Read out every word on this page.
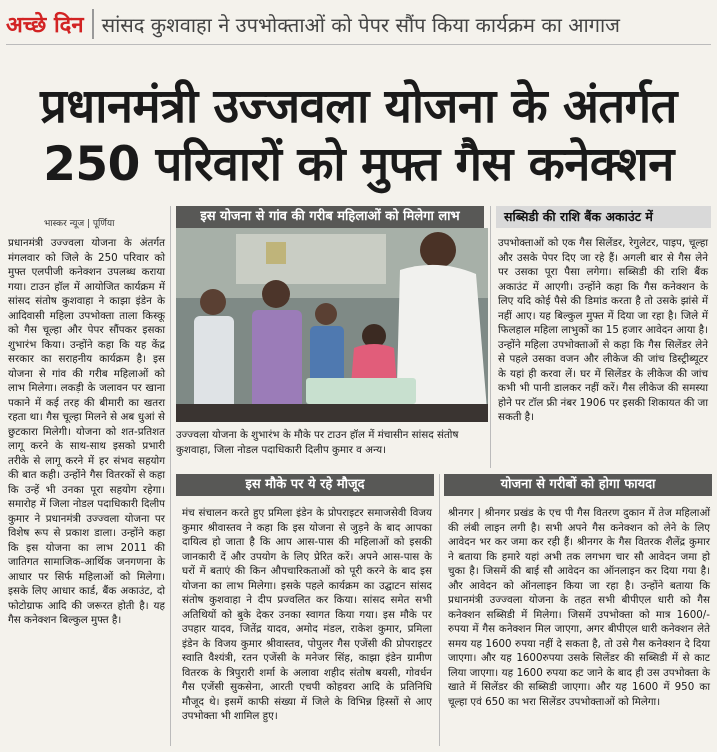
अच्छे दिन सांसद कुशवाहा ने उपभोक्ताओं को पेपर सौंप किया कार्यक्रम का आगाज
प्रधानमंत्री उज्जवला योजना के अंतर्गत
250 परिवारों को मुफ्त गैस कनेक्शन
भास्कर न्यूज | पूर्णिया

प्रधानमंत्री उज्ज्वला योजना के अंतर्गत मंगलवार को जिले के 250 परिवार को मुफ्त एलपीजी कनेक्शन उपलब्ध कराया गया। टाउन हॉल में आयोजित कार्यक्रम में सांसद संतोष कुशवाहा ने काझा इंडेन के आदिवासी महिला उपभोक्ता ताला किस्कू को गैस चूल्हा और पेपर सौंपकर इसका शुभारंभ किया। उन्होंने कहा कि यह केंद्र सरकार का सराहनीय कार्यक्रम है। इस योजना से गांव की गरीब महिलाओं को लाभ मिलेगा। लकड़ी के जलावन पर खाना पकाने में कई तरह की बीमारी का खतरा रहता था। गैस चूल्हा मिलने से अब धुआं से छुटकारा मिलेगी। योजना को शत-प्रतिशत लागू करने के साथ-साथ इसको प्रभारी तरीके से लागू करने में हर संभव सहयोग की बात कही। उन्होंने गैस वितरकों से कहा कि उन्हें भी उनका पूरा सहयोग रहेगा। समारोह में जिला नोडल पदाधिकारी दिलीप कुमार ने प्रधानमंत्री उज्ज्वला योजना पर विशेष रूप से प्रकाश डाला। उन्होंने कहा कि इस योजना का लाभ 2011 की जातिगत सामाजिक-आर्थिक जनगणना के आधार पर सिर्फ महिलाओं को मिलेगा। इसके लिए आधार कार्ड, बैंक अकाउंट, दो फोटोग्राफ आदि की जरूरत होती है। यह गैस कनेक्शन बिल्कुल मुफ्त है।

इस योजना से गांव की गरीब महिलाओं को मिलेगा लाभ
उज्ज्वला योजना के शुभारंभ के मौके पर टाउन हॉल में मंचासीन सांसद संतोष कुशवाहा, जिला नोडल पदाधिकारी दिलीप कुमार व अन्य।
सब्सिडी की राशि बैंक अकाउंट में

उपभोक्ताओं को एक गैस सिलेंडर, रेगुलेटर, पाइप, चूल्हा और उसके पेपर दिए जा रहे हैं। अगली बार से गैस लेने पर उसका पूरा पैसा लगेगा। सब्सिडी की राशि बैंक अकाउंट में आएगी। उन्होंने कहा कि गैस कनेक्शन के लिए यदि कोई पैसे की डिमांड करता है तो उसके झांसे में नहीं आए। यह बिल्कुल मुफ्त में दिया जा रहा है। जिले में फिलहाल महिला लाभुकों का 15 हजार आवेदन आया है। उन्होंने महिला उपभोक्ताओं से कहा कि गैस सिलेंडर लेने से पहले उसका वजन और लीकेज की जांच डिस्ट्रीब्यूटर के यहां ही करवा लें। घर में सिलेंडर के लीकेज की जांच कभी भी पानी डालकर नहीं करें। गैस लीकेज की समस्या होने पर टॉल फ्री नंबर 1906 पर इसकी शिकायत की जा सकती है।

इस मौके पर ये रहे मौजूद

मंच संचालन करते हुए प्रमिला इंडेन के प्रोपराइटर समाजसेवी विजय कुमार श्रीवास्तव ने कहा कि इस योजना से जुड़ने के बाद आपका दायित्व हो जाता है कि आप आस-पास की महिलाओं को इसकी जानकारी दें और उपयोग के लिए प्रेरित करें। अपने आस-पास के घरों में बताएं की किन औपचारिकताओं को पूरी करने के बाद इस योजना का लाभ मिलेगा। इसके पहले कार्यक्रम का उद्घाटन सांसद संतोष कुशवाहा ने दीप प्रज्वलित कर किया। सांसद समेत सभी अतिथियों को बुके देकर उनका स्वागत किया गया। इस मौके पर उपहार यादव, जितेंद्र यादव, अमोद मंडल, राकेश कुमार, प्रमिला इंडेन के विजय कुमार श्रीवास्तव, पोपुलर गैस एजेंसी की प्रोपराइटर स्वाति वैश्यंत्री, रतन एजेंसी के मनेजर सिंह, काझा इंडेन ग्रामीण वितरक के त्रिपुरारी शर्मा के अलावा शहीद संतोष बयसी, गोवर्धन गैस एजेंसी सुकसेना, आरती एचपी कोहवरा आदि के प्रतिनिधि मौजूद थे। इसमें काफी संख्या में जिले के विभिन्न हिस्सों से आए उपभोक्ता भी शामिल हुए।

योजना से गरीबों को होगा फायदा

श्रीनगर | श्रीनगर प्रखंड के एच पी गैस वितरण दुकान में तेज महिलाओं की लंबी लाइन लगी है। सभी अपने गैस कनेक्शन को लेने के लिए आवेदन भर कर जमा कर रही हैं। श्रीनगर के गैस वितरक शैलेंद्र कुमार ने बताया कि हमारे यहां अभी तक लगभग चार सौ आवेदन जमा हो चुका है। जिसमें की बाई सौ आवेदन का ऑनलाइन कर दिया गया है। और आवेदन को ऑनलाइन किया जा रहा है। उन्होंने बताया कि प्रधानमंत्री उज्ज्वला योजना के तहत सभी बीपीएल धारी को गैस कनेक्शन सब्सिडी में मिलेगा। जिसमें उपभोक्ता को मात्र 1600/- रुपया में गैस कनेक्शन मिल जाएगा, अगर बीपीएल धारी कनेक्शन लेते समय यह 1600 रुपया नहीं दे सकता है, तो उसे गैस कनेक्शन दे दिया जाएगा। और यह 1600रुपया उसके सिलेंडर की सब्सिडी में से काट लिया जाएगा। यह 1600 रुपया कट जाने के बाद ही उस उपभोक्ता के खाते में सिलेंडर की सब्सिडी जाएगा। और यह 1600 में 950 का चूल्हा एवं 650 का भरा सिलेंडर उपभोक्ताओं को मिलेगा।
